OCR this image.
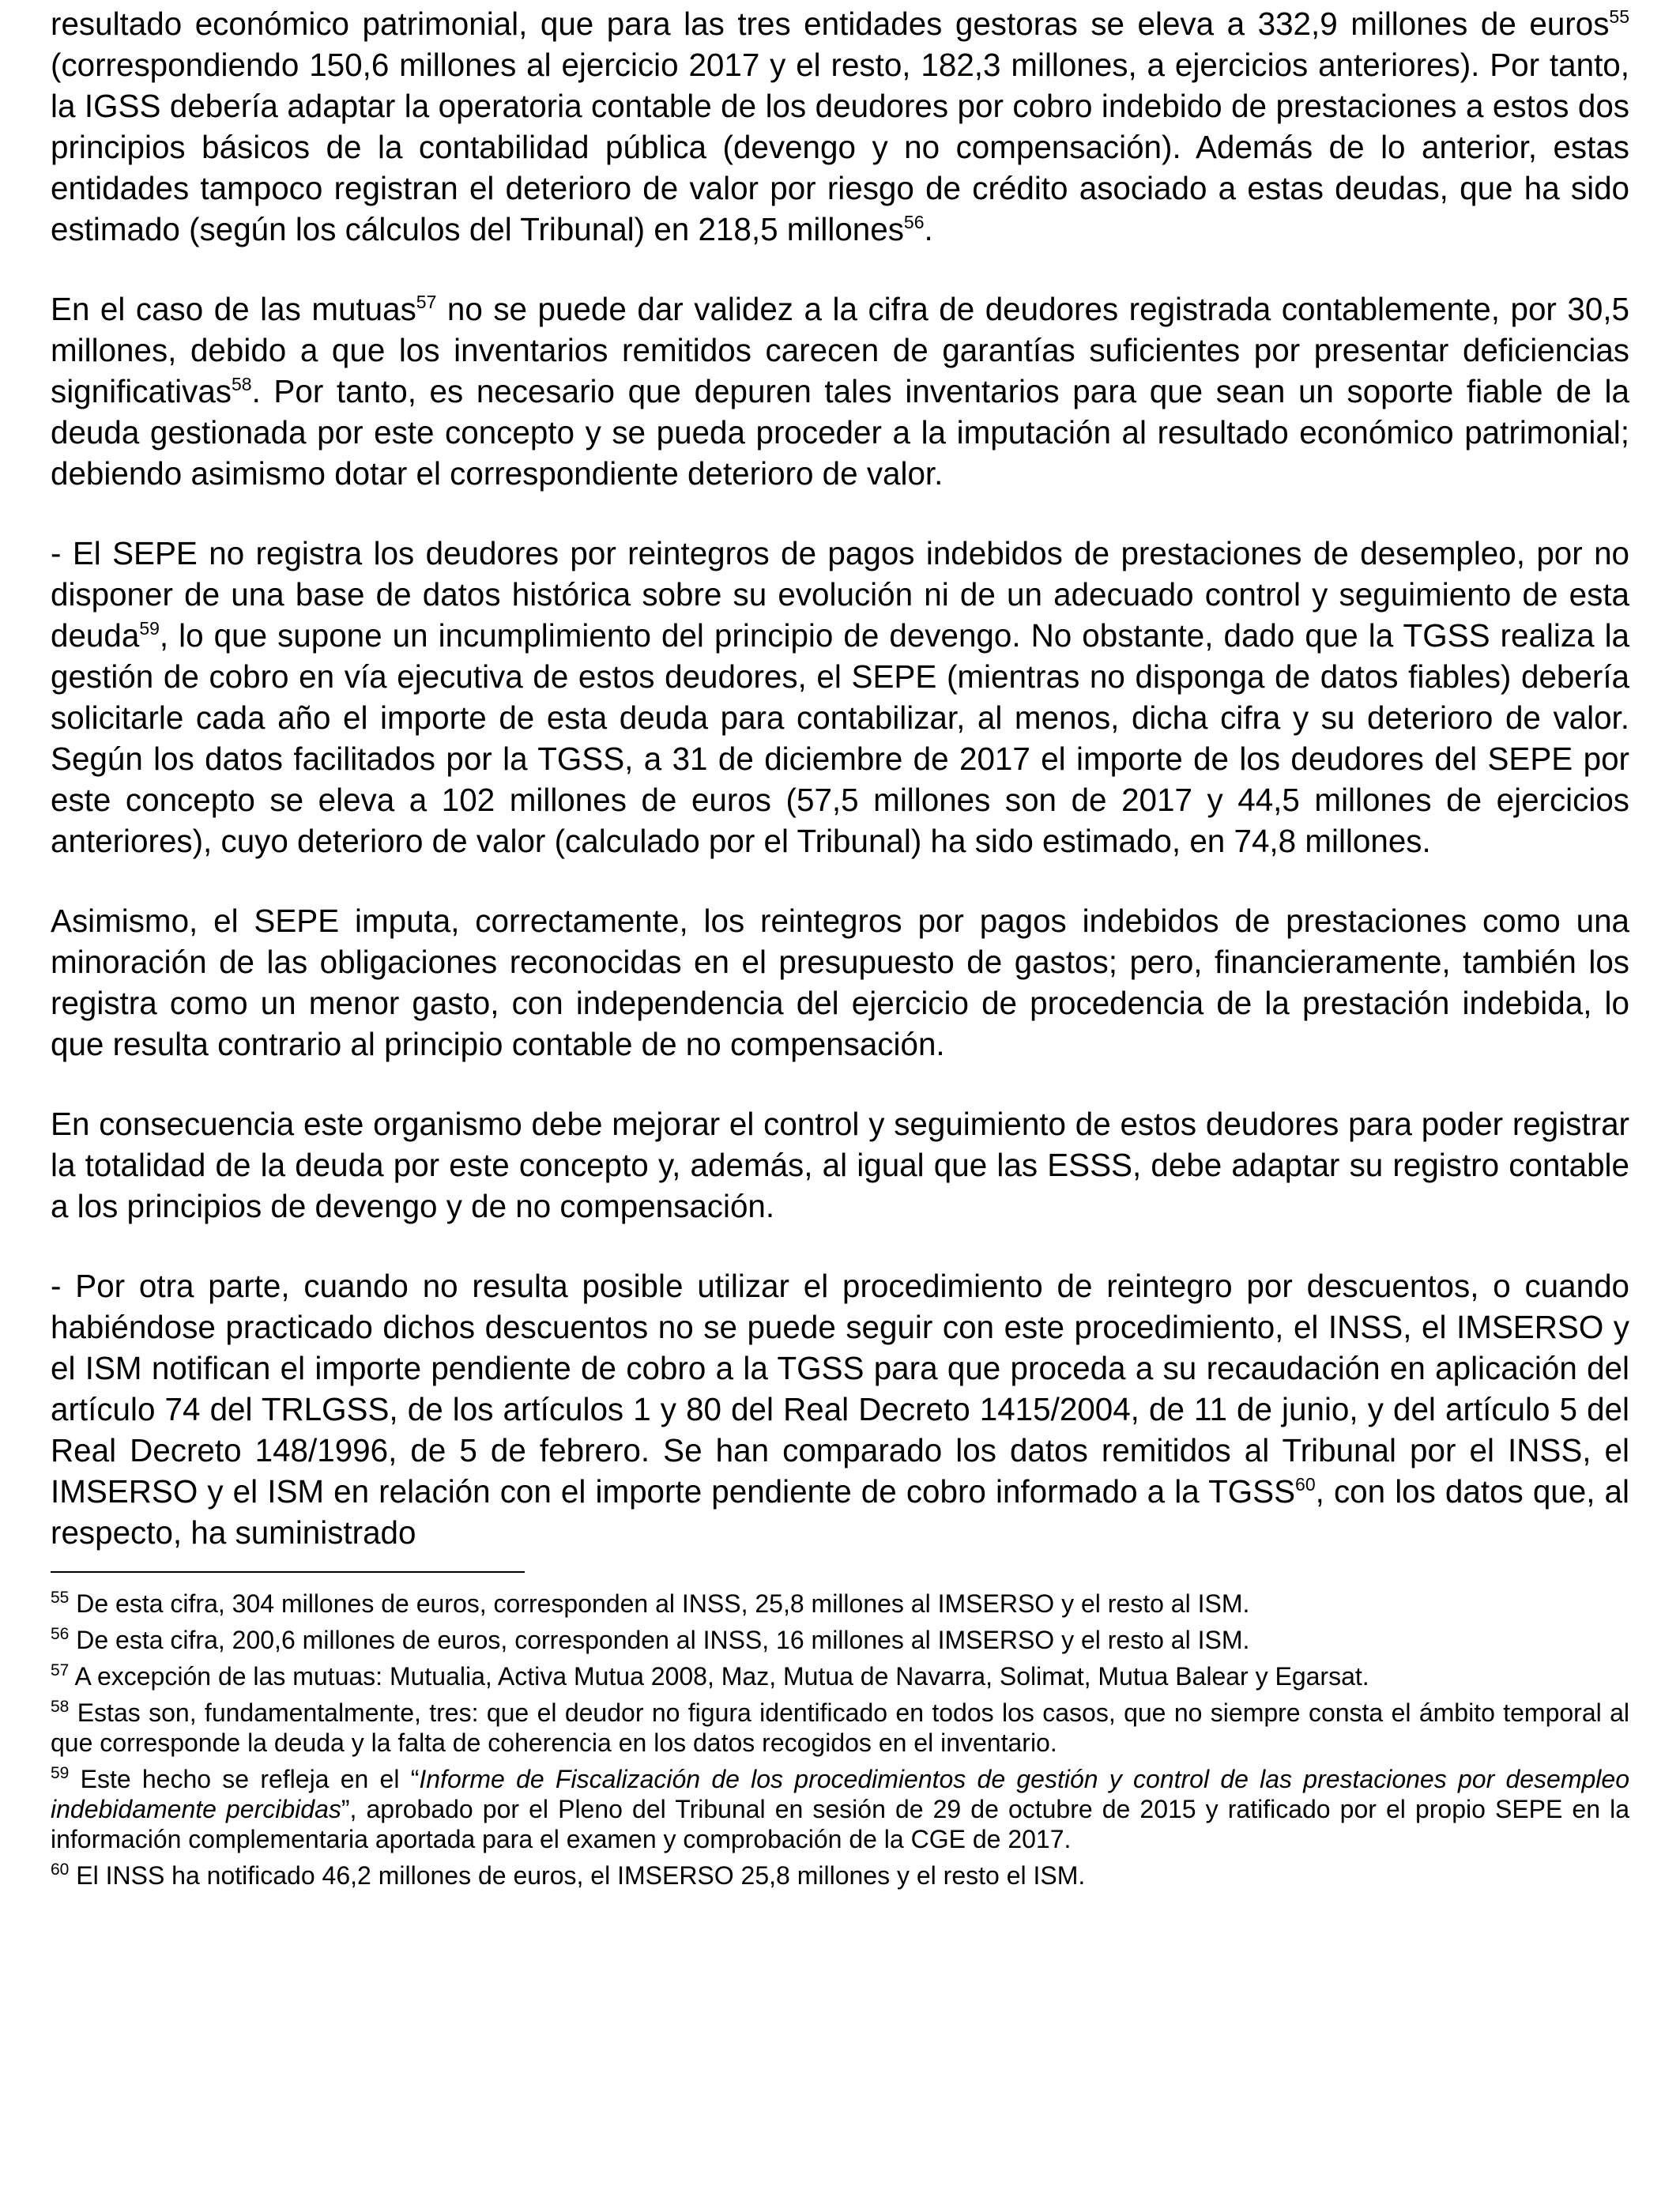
resultado económico patrimonial, que para las tres entidades gestoras se eleva a 332,9 millones de euros$^{55}$ (correspondiendo 150,6 millones al ejercicio 2017 y el resto, 182,3 millones, a ejercicios anteriores). Por tanto, la IGSS debería adaptar la operatoria contable de los deudores por cobro indebido de prestaciones a estos dos principios básicos de la contabilidad pública (devengo y no compensación). Además de lo anterior, estas entidades tampoco registran el deterioro de valor por riesgo de crédito asociado a estas deudas, que ha sido estimado (según los cálculos del Tribunal) en 218,5 millones$^{56}$.

En el caso de las mutuas$^{57}$ no se puede dar validez a la cifra de deudores registrada contablemente, por 30,5 millones, debido a que los inventarios remitidos carecen de garantías suficientes por presentar deficiencias significativas$^{58}$. Por tanto, es necesario que depuren tales inventarios para que sean un soporte fiable de la deuda gestionada por este concepto y se pueda proceder a la imputación al resultado económico patrimonial; debiendo asimismo dotar el correspondiente deterioro de valor.

- El SEPE no registra los deudores por reintegros de pagos indebidos de prestaciones de desempleo, por no disponer de una base de datos histórica sobre su evolución ni de un adecuado control y seguimiento de esta deuda$^{59}$, lo que supone un incumplimiento del principio de devengo. No obstante, dado que la TGSS realiza la gestión de cobro en vía ejecutiva de estos deudores, el SEPE (mientras no disponga de datos fiables) debería solicitarle cada año el importe de esta deuda para contabilizar, al menos, dicha cifra y su deterioro de valor. Según los datos facilitados por la TGSS, a 31 de diciembre de 2017 el importe de los deudores del SEPE por este concepto se eleva a 102 millones de euros (57,5 millones son de 2017 y 44,5 millones de ejercicios anteriores), cuyo deterioro de valor (calculado por el Tribunal) ha sido estimado, en 74,8 millones.

Asimismo, el SEPE imputa, correctamente, los reintegros por pagos indebidos de prestaciones como una minoración de las obligaciones reconocidas en el presupuesto de gastos; pero, financieramente, también los registra como un menor gasto, con independencia del ejercicio de procedencia de la prestación indebida, lo que resulta contrario al principio contable de no compensación.

En consecuencia este organismo debe mejorar el control y seguimiento de estos deudores para poder registrar la totalidad de la deuda por este concepto y, además, al igual que las ESSS, debe adaptar su registro contable a los principios de devengo y de no compensación.

- Por otra parte, cuando no resulta posible utilizar el procedimiento de reintegro por descuentos, o cuando habiéndose practicado dichos descuentos no se puede seguir con este procedimiento, el INSS, el IMSERSO y el ISM notifican el importe pendiente de cobro a la TGSS para que proceda a su recaudación en aplicación del artículo 74 del TRLGSS, de los artículos 1 y 80 del Real Decreto 1415/2004, de 11 de junio, y del artículo 5 del Real Decreto 148/1996, de 5 de febrero. Se han comparado los datos remitidos al Tribunal por el INSS, el IMSERSO y el ISM en relación con el importe pendiente de cobro informado a la TGSS$^{60}$, con los datos que, al respecto, ha suministrado

$^{55}$ De esta cifra, 304 millones de euros, corresponden al INSS, 25,8 millones al IMSERSO y el resto al ISM.

$^{56}$ De esta cifra, 200,6 millones de euros, corresponden al INSS, 16 millones al IMSERSO y el resto al ISM.

$^{57}$ A excepción de las mutuas: Mutualia, Activa Mutua 2008, Maz, Mutua de Navarra, Solimat, Mutua Balear y Egarsat.

$^{58}$ Estas son, fundamentalmente, tres: que el deudor no figura identificado en todos los casos, que no siempre consta el ámbito temporal al que corresponde la deuda y la falta de coherencia en los datos recogidos en el inventario.

$^{59}$ Este hecho se refleja en el “Informe de Fiscalización de los procedimientos de gestión y control de las prestaciones por desempleo indebidamente percibidas”, aprobado por el Pleno del Tribunal en sesión de 29 de octubre de 2015 y ratificado por el propio SEPE en la información complementaria aportada para el examen y comprobación de la CGE de 2017.

$^{60}$ El INSS ha notificado 46,2 millones de euros, el IMSERSO 25,8 millones y el resto el ISM.
